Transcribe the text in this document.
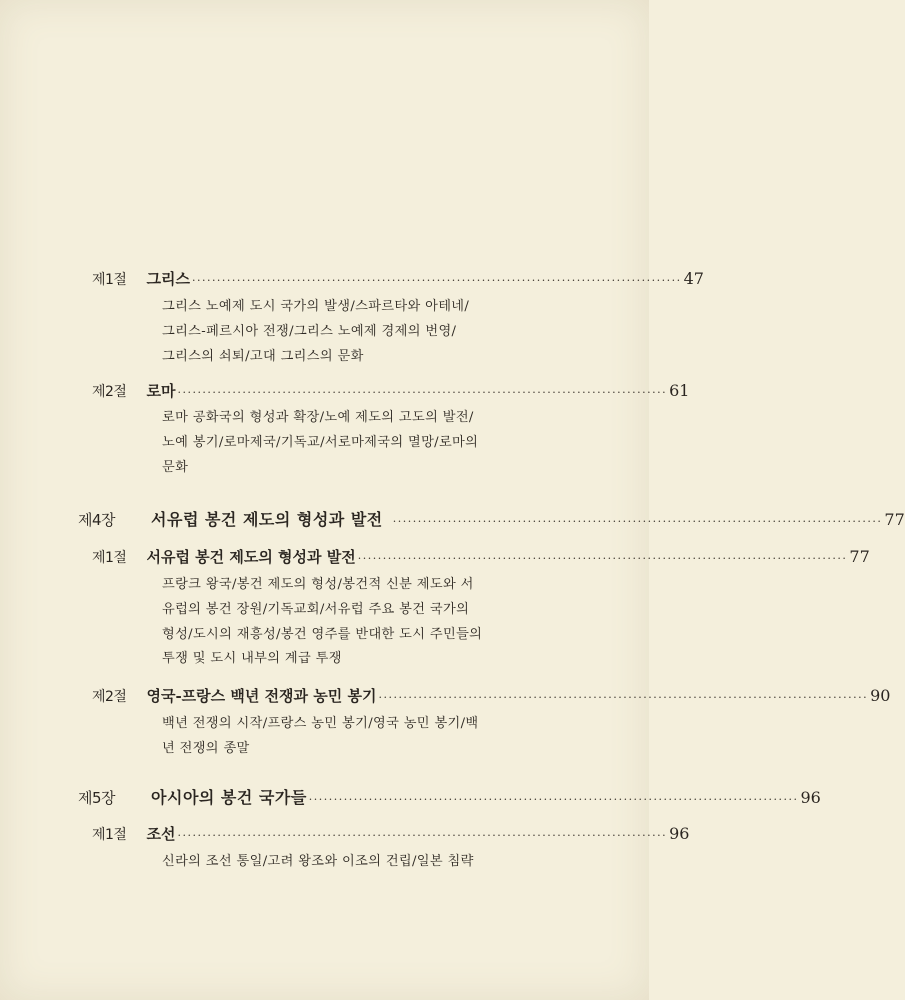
제1절 그리스 ·································································································· 47
그리스 노예제 도시 국가의 발생/스파르타와 아테네/
그리스-페르시아 전쟁/그리스 노예제 경제의 번영/
그리스의 쇠퇴/고대 그리스의 문화
제2절 로마 ·································································································· 61
로마 공화국의 형성과 확장/노예 제도의 고도의 발전/
노예 봉기/로마제국/기독교/서로마제국의 멸망/로마의
문화
제4장 서유럽 봉건 제도의 형성과 발전 ·································································································· 77
제1절 서유럽 봉건 제도의 형성과 발전 ·································································································· 77
프랑크 왕국/봉건 제도의 형성/봉건적 신분 제도와 서
유럽의 봉건 장원/기독교회/서유럽 주요 봉건 국가의
형성/도시의 재흥성/봉건 영주를 반대한 도시 주민들의
투쟁 및 도시 내부의 계급 투쟁
제2절 영국-프랑스 백년 전쟁과 농민 봉기 ·································································································· 90
백년 전쟁의 시작/프랑스 농민 봉기/영국 농민 봉기/백
년 전쟁의 종말
제5장 아시아의 봉건 국가들 ·································································································· 96
제1절 조선 ·································································································· 96
신라의 조선 통일/고려 왕조와 이조의 건립/일본 침략
